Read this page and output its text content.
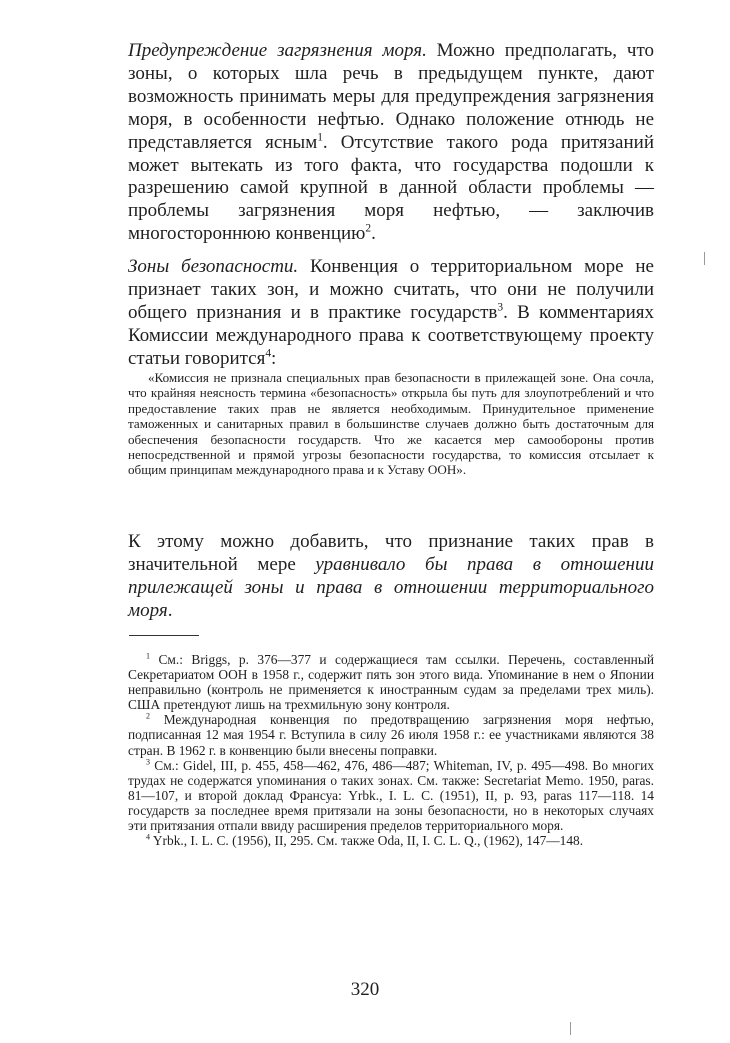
Предупреждение загрязнения моря. Можно предполагать, что зоны, о которых шла речь в предыдущем пункте, дают возможность принимать меры для предупреждения загрязнения моря, в особенности нефтью. Однако положение отнюдь не представляется ясным$^1$. Отсутствие такого рода притязаний может вытекать из того факта, что государства подошли к разрешению самой крупной в данной области проблемы — проблемы загрязнения моря нефтью, — заключив многостороннюю конвенцию$^2$.

Зоны безопасности. Конвенция о территориальном море не признает таких зон, и можно считать, что они не получили общего признания и в практике государств$^3$. В комментариях Комиссии международного права к соответствующему проекту статьи говорится$^4$:

«Комиссия не признала специальных прав безопасности в прилежащей зоне. Она сочла, что крайняя неясность термина «безопасность» открыла бы путь для злоупотреблений и что предоставление таких прав не является необходимым. Принудительное применение таможенных и санитарных правил в большинстве случаев должно быть достаточным для обеспечения безопасности государств. Что же касается мер самообороны против непосредственной и прямой угрозы безопасности государства, то комиссия отсылает к общим принципам международного права и к Уставу ООН».

К этому можно добавить, что признание таких прав в значительной мере уравнивало бы права в отношении прилежащей зоны и права в отношении территориального моря.

$^1$ См.: Briggs, p. 376—377 и содержащиеся там ссылки. Перечень, составленный Секретариатом ООН в 1958 г., содержит пять зон этого вида. Упоминание в нем о Японии неправильно (контроль не применяется к иностранным судам за пределами трех миль). США претендуют лишь на трехмильную зону контроля.

$^2$ Международная конвенция по предотвращению загрязнения моря нефтью, подписанная 12 мая 1954 г. Вступила в силу 26 июля 1958 г.: ее участниками являются 38 стран. В 1962 г. в конвенцию были внесены поправки.

$^3$ См.: Gidel, III, p. 455, 458—462, 476, 486—487; Whiteman, IV, p. 495—498. Во многих трудах не содержатся упоминания о таких зонах. См. также: Secretariat Memo. 1950, paras. 81—107, и второй доклад Франсуа: Yrbk., I. L. C. (1951), II, p. 93, paras 117—118. 14 государств за последнее время притязали на зоны безопасности, но в некоторых случаях эти притязания отпали ввиду расширения пределов территориального моря.

$^4$ Yrbk., I. L. C. (1956), II, 295. См. также Oda, II, I. C. L. Q., (1962), 147—148.

320
